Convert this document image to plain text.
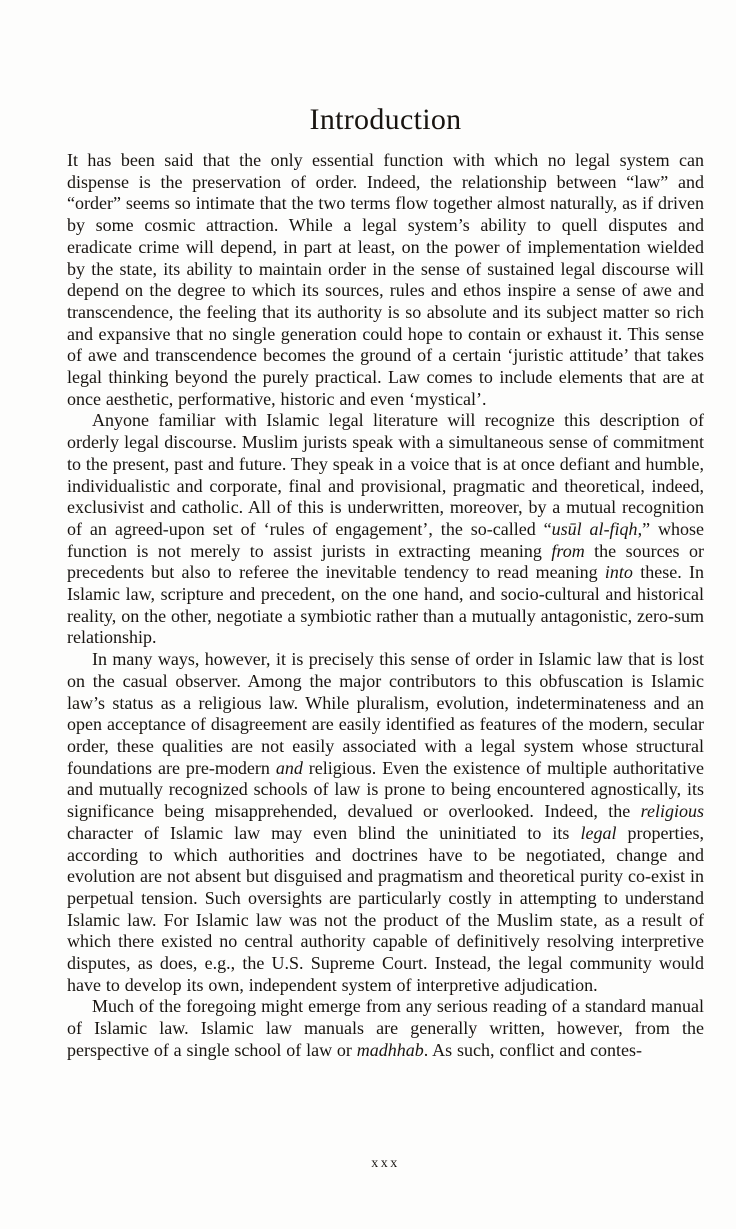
Introduction

It has been said that the only essential function with which no legal system can dispense is the preservation of order. Indeed, the relationship between “law” and “order” seems so intimate that the two terms flow together almost naturally, as if driven by some cosmic attraction. While a legal system’s ability to quell disputes and eradicate crime will depend, in part at least, on the power of implementation wielded by the state, its ability to maintain order in the sense of sustained legal discourse will depend on the degree to which its sources, rules and ethos inspire a sense of awe and transcendence, the feeling that its authority is so absolute and its subject matter so rich and expansive that no single generation could hope to contain or exhaust it. This sense of awe and transcendence becomes the ground of a certain ‘juristic attitude’ that takes legal thinking beyond the purely practical. Law comes to include elements that are at once aesthetic, performative, historic and even ‘mystical’.

Anyone familiar with Islamic legal literature will recognize this description of orderly legal discourse. Muslim jurists speak with a simultaneous sense of commitment to the present, past and future. They speak in a voice that is at once defiant and humble, individualistic and corporate, final and provisional, pragmatic and theoretical, indeed, exclusivist and catholic. All of this is underwritten, moreover, by a mutual recognition of an agreed-upon set of ‘rules of engagement’, the so-called “usūl al-fiqh,” whose function is not merely to assist jurists in extracting meaning from the sources or precedents but also to referee the inevitable tendency to read meaning into these. In Islamic law, scripture and precedent, on the one hand, and socio-cultural and historical reality, on the other, negotiate a symbiotic rather than a mutually antagonistic, zero-sum relationship.

In many ways, however, it is precisely this sense of order in Islamic law that is lost on the casual observer. Among the major contributors to this obfuscation is Islamic law’s status as a religious law. While pluralism, evolution, indeterminateness and an open acceptance of disagreement are easily identified as features of the modern, secular order, these qualities are not easily associated with a legal system whose structural foundations are pre-modern and religious. Even the existence of multiple authoritative and mutually recognized schools of law is prone to being encountered agnostically, its significance being misapprehended, devalued or overlooked. Indeed, the religious character of Islamic law may even blind the uninitiated to its legal properties, according to which authorities and doctrines have to be negotiated, change and evolution are not absent but disguised and pragmatism and theoretical purity co-exist in perpetual tension. Such oversights are particularly costly in attempting to understand Islamic law. For Islamic law was not the product of the Muslim state, as a result of which there existed no central authority capable of definitively resolving interpretive disputes, as does, e.g., the U.S. Supreme Court. Instead, the legal community would have to develop its own, independent system of interpretive adjudication.

Much of the foregoing might emerge from any serious reading of a standard manual of Islamic law. Islamic law manuals are generally written, however, from the perspective of a single school of law or madhhab. As such, conflict and contes-

xxx
